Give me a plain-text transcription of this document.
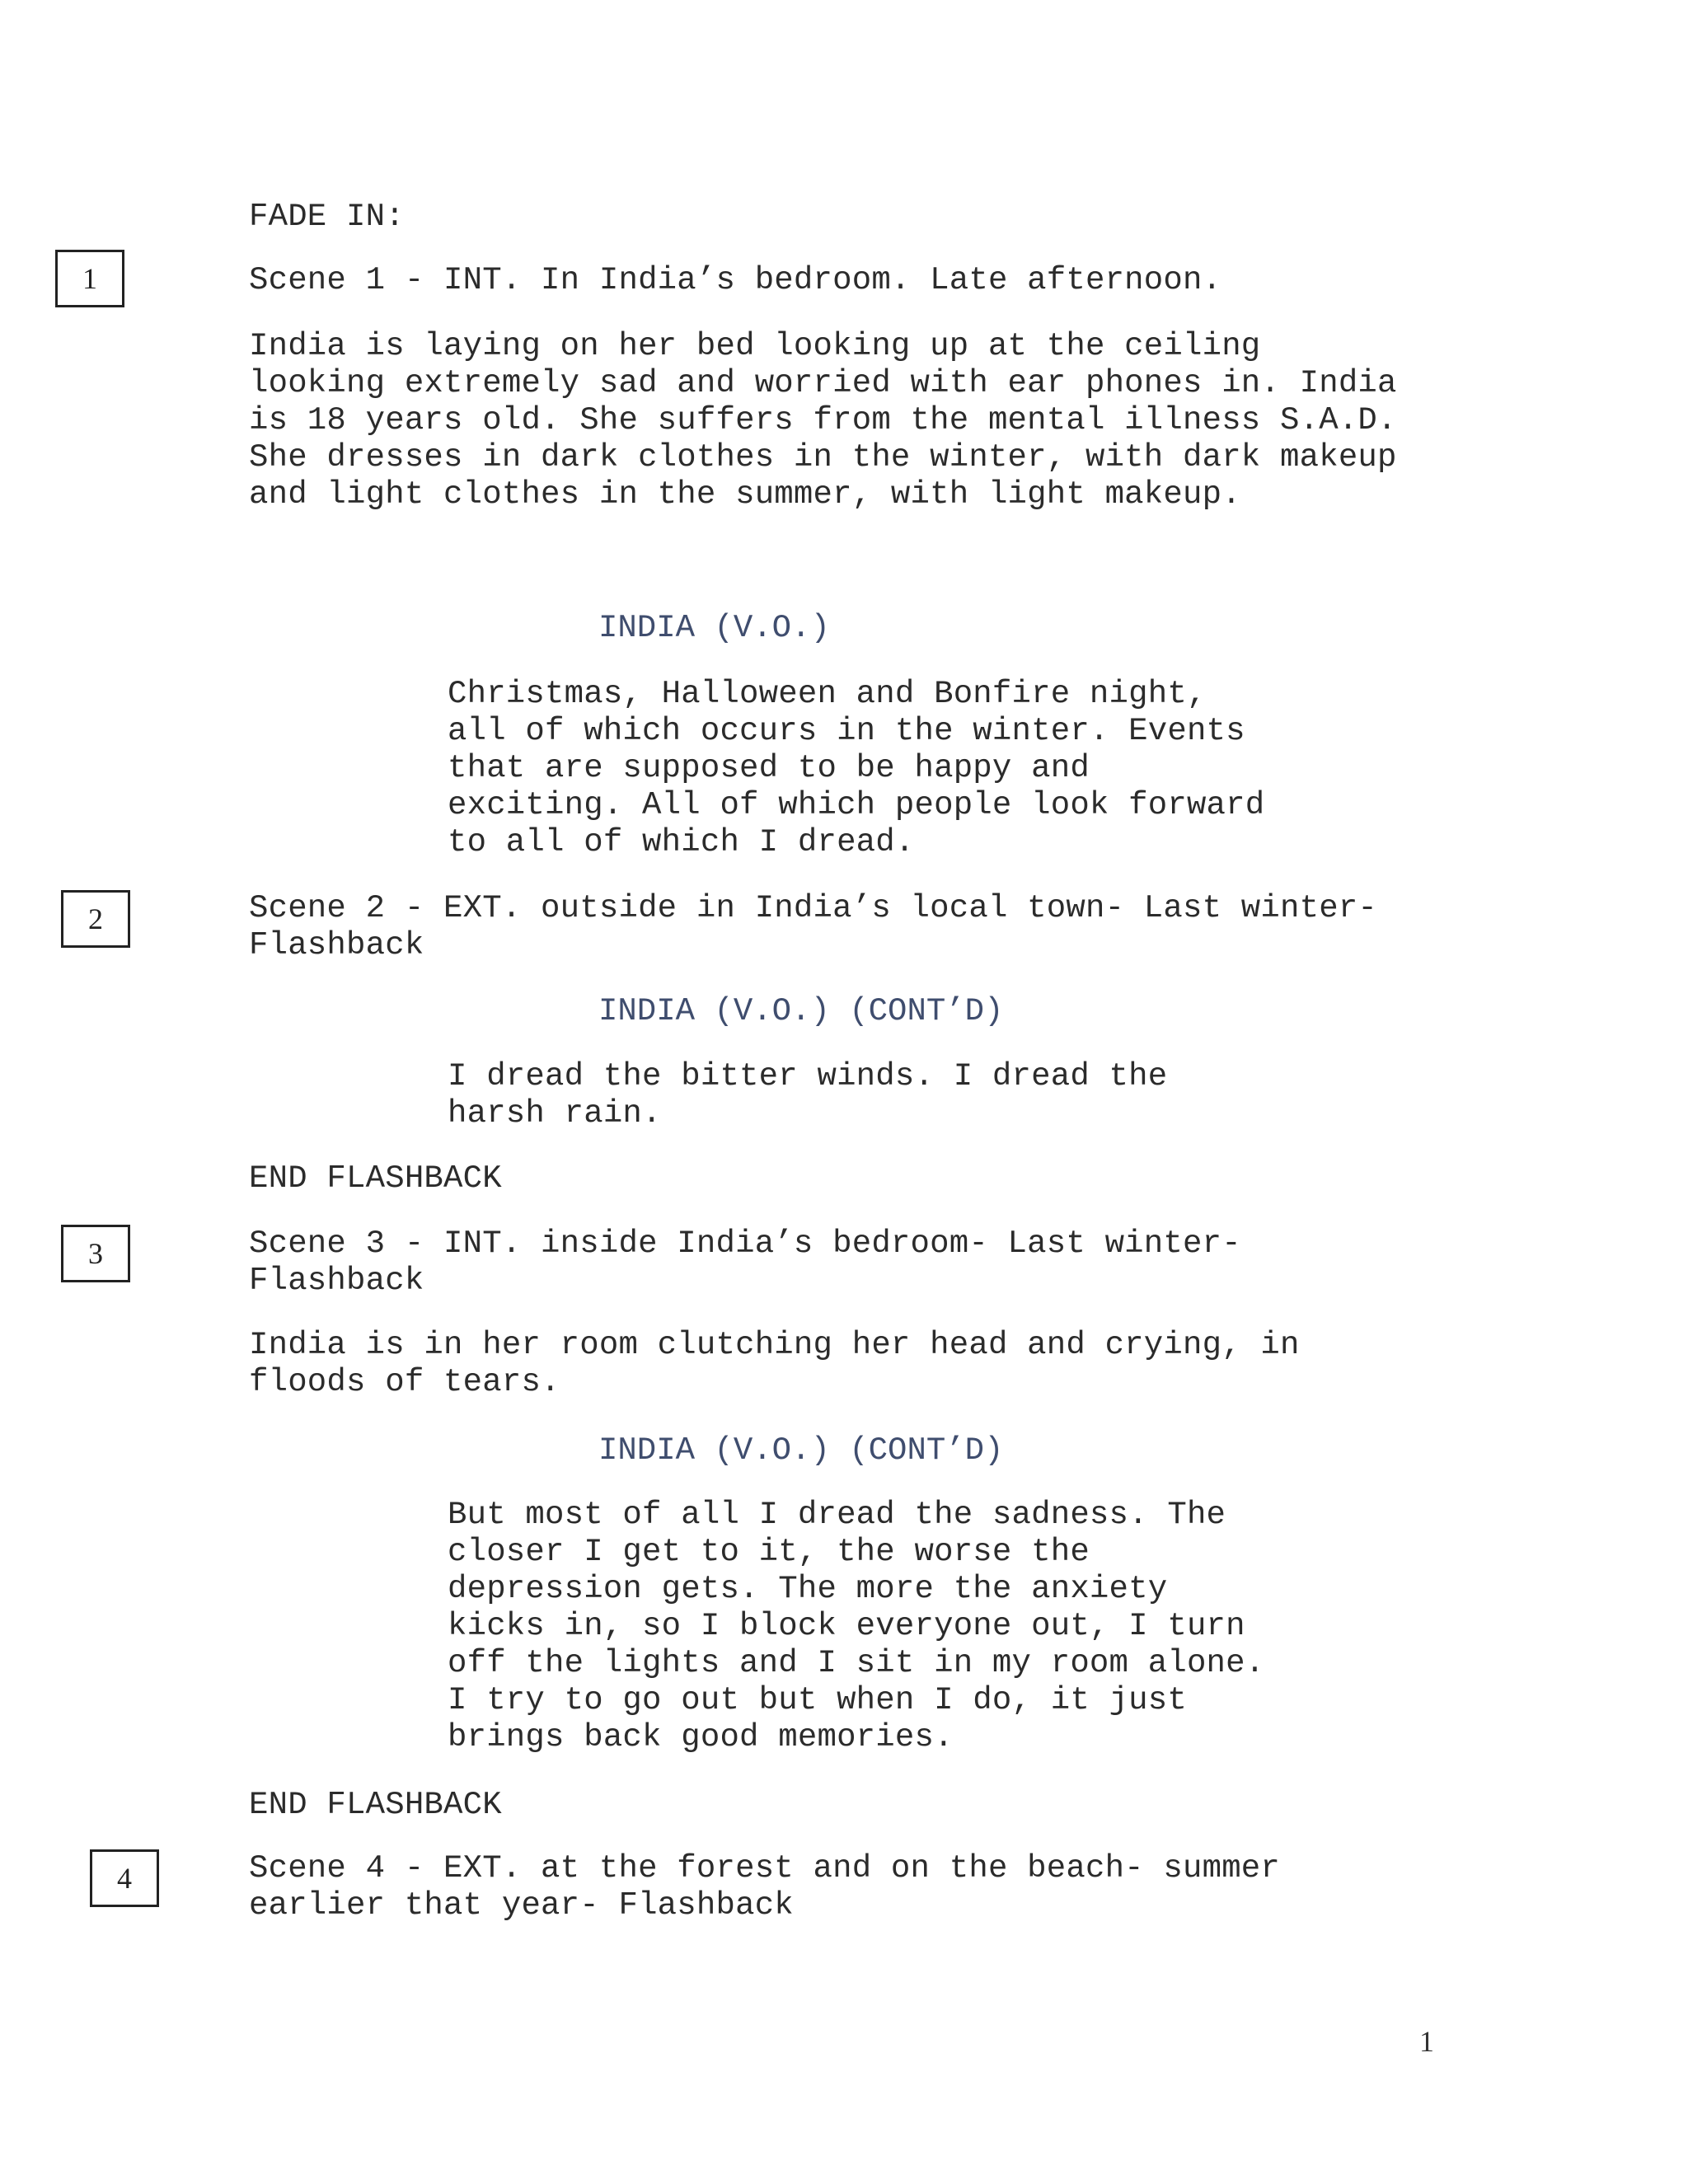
FADE IN:
1	Scene 1 - INT. In India’s bedroom. Late afternoon.
India is laying on her bed looking up at the ceiling
looking extremely sad and worried with ear phones in. India
is 18 years old. She suffers from the mental illness S.A.D.
She dresses in dark clothes in the winter, with dark makeup
and light clothes in the summer, with light makeup.
INDIA (V.O.)
Christmas, Halloween and Bonfire night,
all of which occurs in the winter. Events
that are supposed to be happy and
exciting. All of which people look forward
to all of which I dread.
2	Scene 2 - EXT. outside in India’s local town- Last winter-
Flashback
INDIA (V.O.) (CONT’D)
I dread the bitter winds. I dread the
harsh rain.
END FLASHBACK
3	Scene 3 - INT. inside India’s bedroom- Last winter-
Flashback
India is in her room clutching her head and crying, in
floods of tears.
INDIA (V.O.) (CONT’D)
But most of all I dread the sadness. The
closer I get to it, the worse the
depression gets. The more the anxiety
kicks in, so I block everyone out, I turn
off the lights and I sit in my room alone.
I try to go out but when I do, it just
brings back good memories.
END FLASHBACK
4	Scene 4 - EXT. at the forest and on the beach- summer
earlier that year- Flashback
1
